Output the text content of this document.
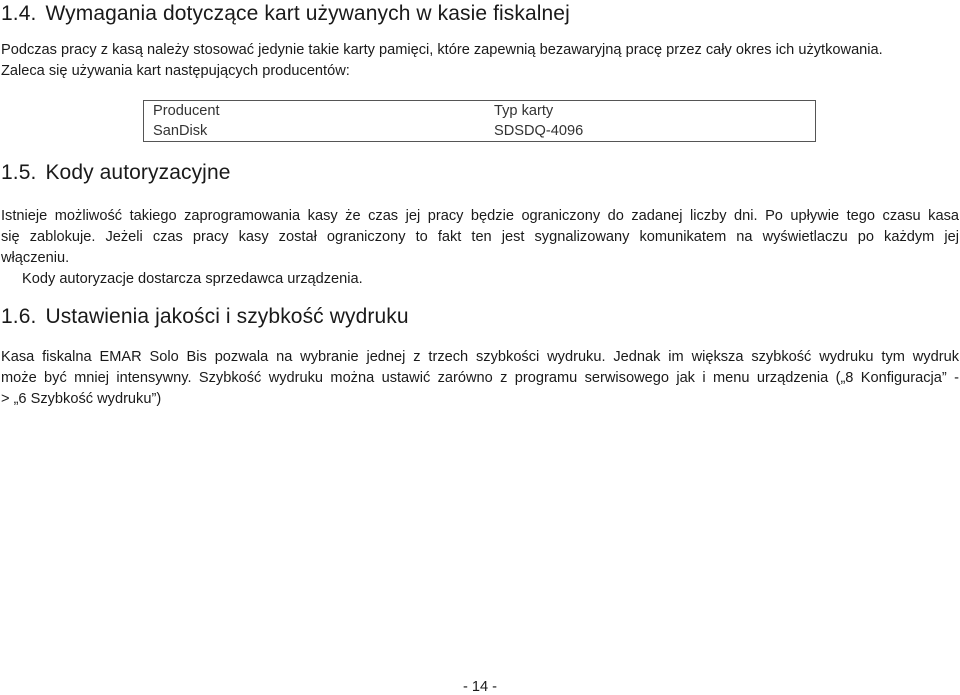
1.4. Wymagania dotyczące kart używanych w kasie fiskalnej

Podczas pracy z kasą należy stosować jedynie takie karty pamięci, które zapewnią bezawaryjną pracę przez cały okres ich użytkowania.
Zaleca się używania kart następujących producentów:

Producent	Typ karty
SanDisk	SDSDQ-4096
1.5. Kody autoryzacyjne

Istnieje możliwość takiego zaprogramowania kasy że czas jej pracy będzie ograniczony do zadanej liczby dni. Po upływie tego czasu kasa
się zablokuje. Jeżeli czas pracy kasy został ograniczony to fakt ten jest sygnalizowany komunikatem na wyświetlaczu po każdym jej
włączeniu.
Kody autoryzacje dostarcza sprzedawca urządzenia.

1.6. Ustawienia jakości i szybkość wydruku

Kasa fiskalna EMAR Solo Bis pozwala na wybranie jednej z trzech szybkości wydruku. Jednak im większa szybkość wydruku tym wydruk
może być mniej intensywny. Szybkość wydruku można ustawić zarówno z programu serwisowego jak i menu urządzenia („8 Konfiguracja” -
> „6 Szybkość wydruku”)

- 14 -
